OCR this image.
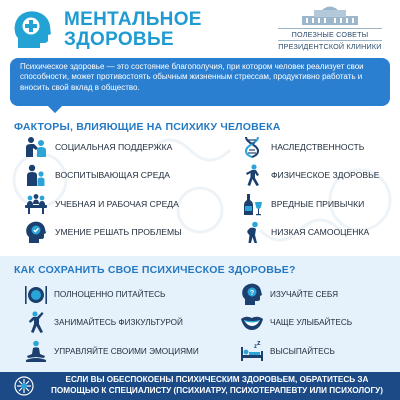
МЕНТАЛЬНОЕ
ЗДОРОВЬЕ	ПОЛЕЗНЫЕ СОВЕТЫ
ПРЕЗИДЕНТСКОЙ КЛИНИКИ

Психическое здоровье — это состояние благополучия, при котором человек реализует свои способности, может противостоять обычным жизненным стрессам, продуктивно работать и вносить свой вклад в общество.

ФАКТОРЫ, ВЛИЯЮЩИЕ НА ПСИХИКУ ЧЕЛОВЕКА
СОЦИАЛЬНАЯ ПОДДЕРЖКА
ВОСПИТЫВАЮЩАЯ СРЕДА
УЧЕБНАЯ И РАБОЧАЯ СРЕДА
УМЕНИЕ РЕШАТЬ ПРОБЛЕМЫ
НАСЛЕДСТВЕННОСТЬ
ФИЗИЧЕСКОЕ ЗДОРОВЬЕ
ВРЕДНЫЕ ПРИВЫЧКИ
НИЗКАЯ САМООЦЕНКА
КАК СОХРАНИТЬ СВОЕ ПСИХИЧЕСКОЕ ЗДОРОВЬЕ?
ПОЛНОЦЕННО ПИТАЙТЕСЬ
ЗАНИМАЙТЕСЬ ФИЗКУЛЬТУРОЙ
УПРАВЛЯЙТЕ СВОИМИ ЭМОЦИЯМИ
? ИЗУЧАЙТЕ СЕБЯ
ЧАЩЕ УЛЫБАЙТЕСЬ
z z
ВЫСЫПАЙТЕСЬ
ЕСЛИ ВЫ ОБЕСПОКОЕНЫ ПСИХИЧЕСКИМ ЗДОРОВЬЕМ, ОБРАТИТЕСЬ ЗА
ПОМОЩЬЮ К СПЕЦИАЛИСТУ (ПСИХИАТРУ, ПСИХОТЕРАПЕВТУ ИЛИ ПСИХОЛОГУ)
